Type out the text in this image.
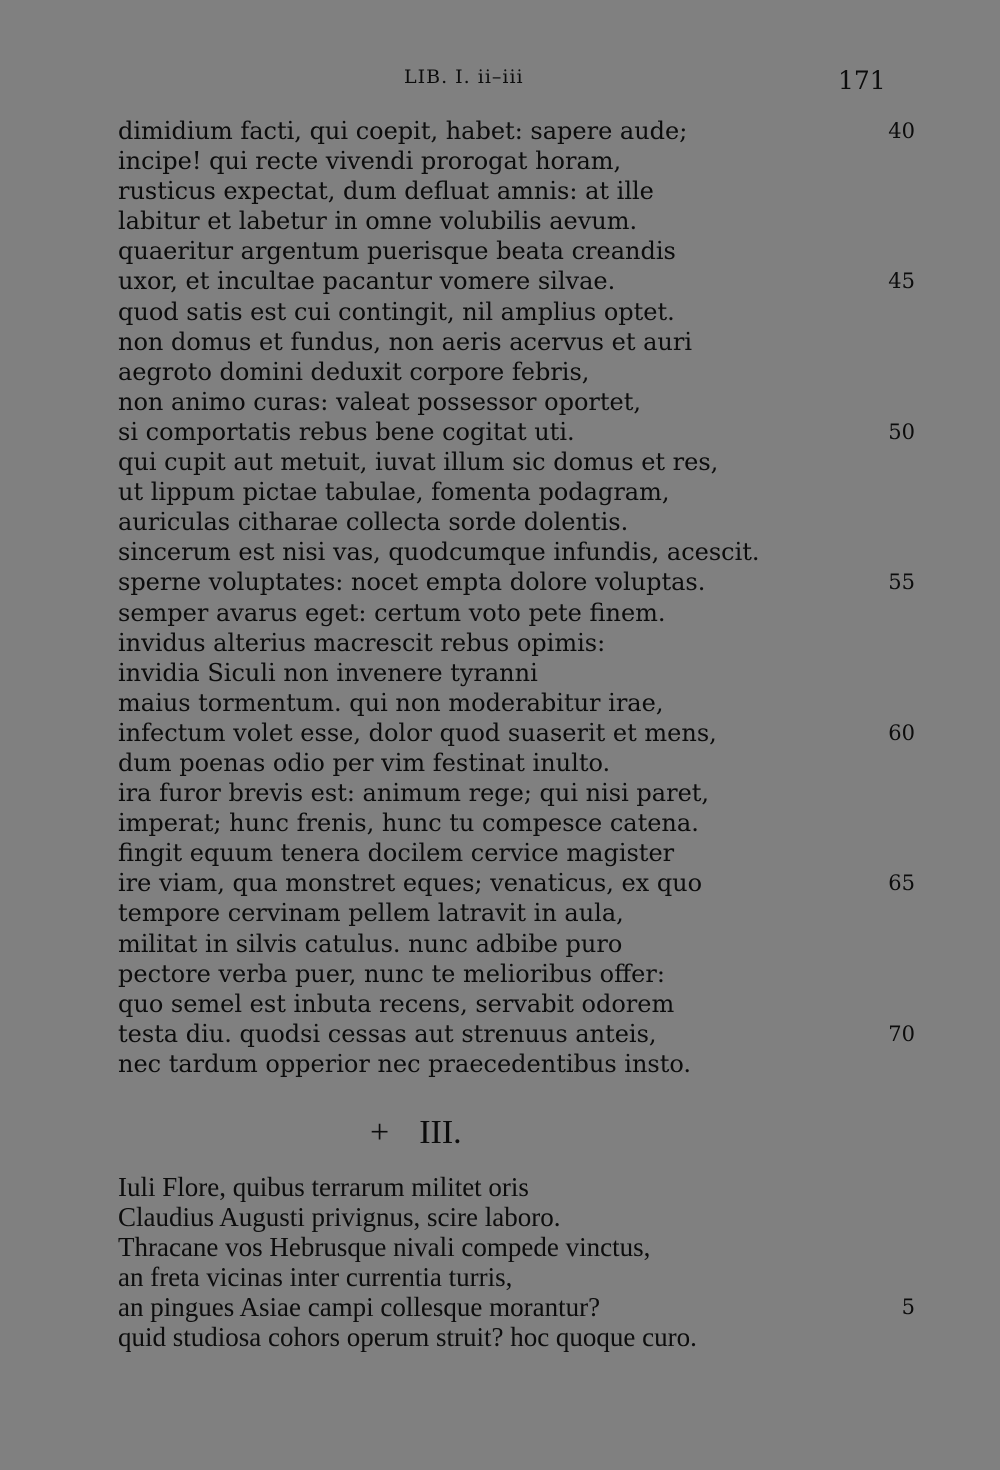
LIB. I. ii–iii	171
dimidium facti, qui coepit, habet: sapere aude;	40
incipe! qui recte vivendi prorogat horam,
rusticus expectat, dum defluat amnis: at ille
labitur et labetur in omne volubilis aevum.
quaeritur argentum puerisque beata creandis
uxor, et incultae pacantur vomere silvae.	45
quod satis est cui contingit, nil amplius optet.
non domus et fundus, non aeris acervus et auri
aegroto domini deduxit corpore febris,
non animo curas: valeat possessor oportet,
si comportatis rebus bene cogitat uti.	50
qui cupit aut metuit, iuvat illum sic domus et res,
ut lippum pictae tabulae, fomenta podagram,
auriculas citharae collecta sorde dolentis.
sincerum est nisi vas, quodcumque infundis, acescit.
sperne voluptates: nocet empta dolore voluptas.	55
semper avarus eget: certum voto pete finem.
invidus alterius macrescit rebus opimis:
invidia Siculi non invenere tyranni
maius tormentum. qui non moderabitur irae,
infectum volet esse, dolor quod suaserit et mens,	60
dum poenas odio per vim festinat inulto.
ira furor brevis est: animum rege; qui nisi paret,
imperat; hunc frenis, hunc tu compesce catena.
fingit equum tenera docilem cervice magister
ire viam, qua monstret eques; venaticus, ex quo	65
tempore cervinam pellem latravit in aula,
militat in silvis catulus. nunc adbibe puro
pectore verba puer, nunc te melioribus offer:
quo semel est inbuta recens, servabit odorem
testa diu. quodsi cessas aut strenuus anteis,	70
nec tardum opperior nec praecedentibus insto.
+ III.
Iuli Flore, quibus terrarum militet oris
Claudius Augusti privignus, scire laboro.
Thracane vos Hebrusque nivali compede vinctus,
an freta vicinas inter currentia turris,
an pingues Asiae campi collesque morantur?	5
quid studiosa cohors operum struit? hoc quoque curo.
